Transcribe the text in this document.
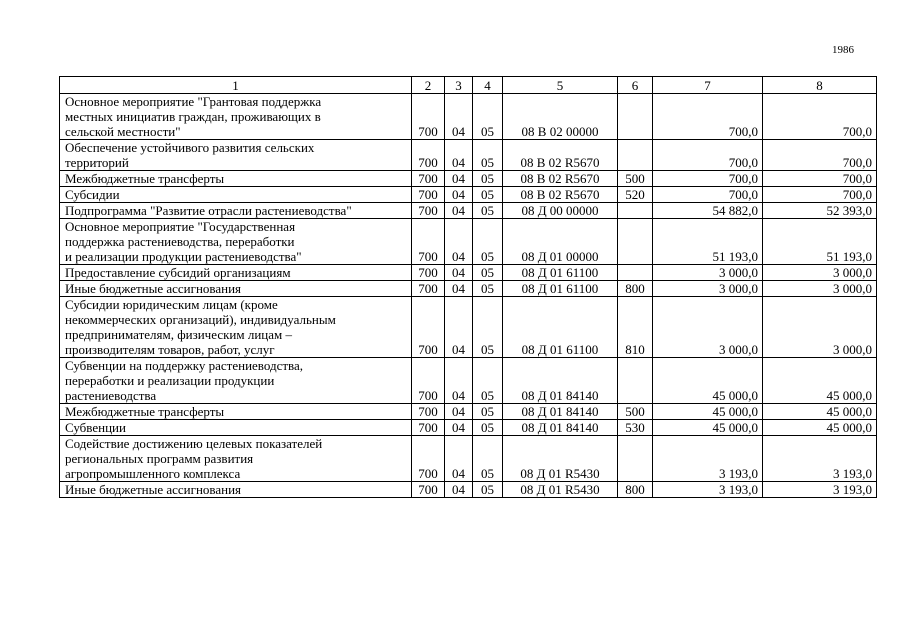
1986
1	2	3	4	5	6	7	8
Основное мероприятие "Грантовая поддержка
местных инициатив граждан, проживающих в
сельской местности"	700	04	05	08 В 02 00000		700,0	700,0
Обеспечение устойчивого развития сельских
территорий	700	04	05	08 В 02 R5670		700,0	700,0
Межбюджетные трансферты	700	04	05	08 В 02 R5670	500	700,0	700,0
Субсидии	700	04	05	08 В 02 R5670	520	700,0	700,0
Подпрограмма "Развитие отрасли растениеводства"	700	04	05	08 Д 00 00000		54 882,0	52 393,0
Основное мероприятие "Государственная
поддержка растениеводства, переработки
и реализации продукции растениеводства"	700	04	05	08 Д 01 00000		51 193,0	51 193,0
Предоставление субсидий организациям	700	04	05	08 Д 01 61100		3 000,0	3 000,0
Иные бюджетные ассигнования	700	04	05	08 Д 01 61100	800	3 000,0	3 000,0
Субсидии юридическим лицам (кроме
некоммерческих организаций), индивидуальным
предпринимателям, физическим лицам –
производителям товаров, работ, услуг	700	04	05	08 Д 01 61100	810	3 000,0	3 000,0
Субвенции на поддержку растениеводства,
переработки и реализации продукции
растениеводства	700	04	05	08 Д 01 84140		45 000,0	45 000,0
Межбюджетные трансферты	700	04	05	08 Д 01 84140	500	45 000,0	45 000,0
Субвенции	700	04	05	08 Д 01 84140	530	45 000,0	45 000,0
Содействие достижению целевых показателей
региональных программ развития
агропромышленного комплекса	700	04	05	08 Д 01 R5430		3 193,0	3 193,0
Иные бюджетные ассигнования	700	04	05	08 Д 01 R5430	800	3 193,0	3 193,0
